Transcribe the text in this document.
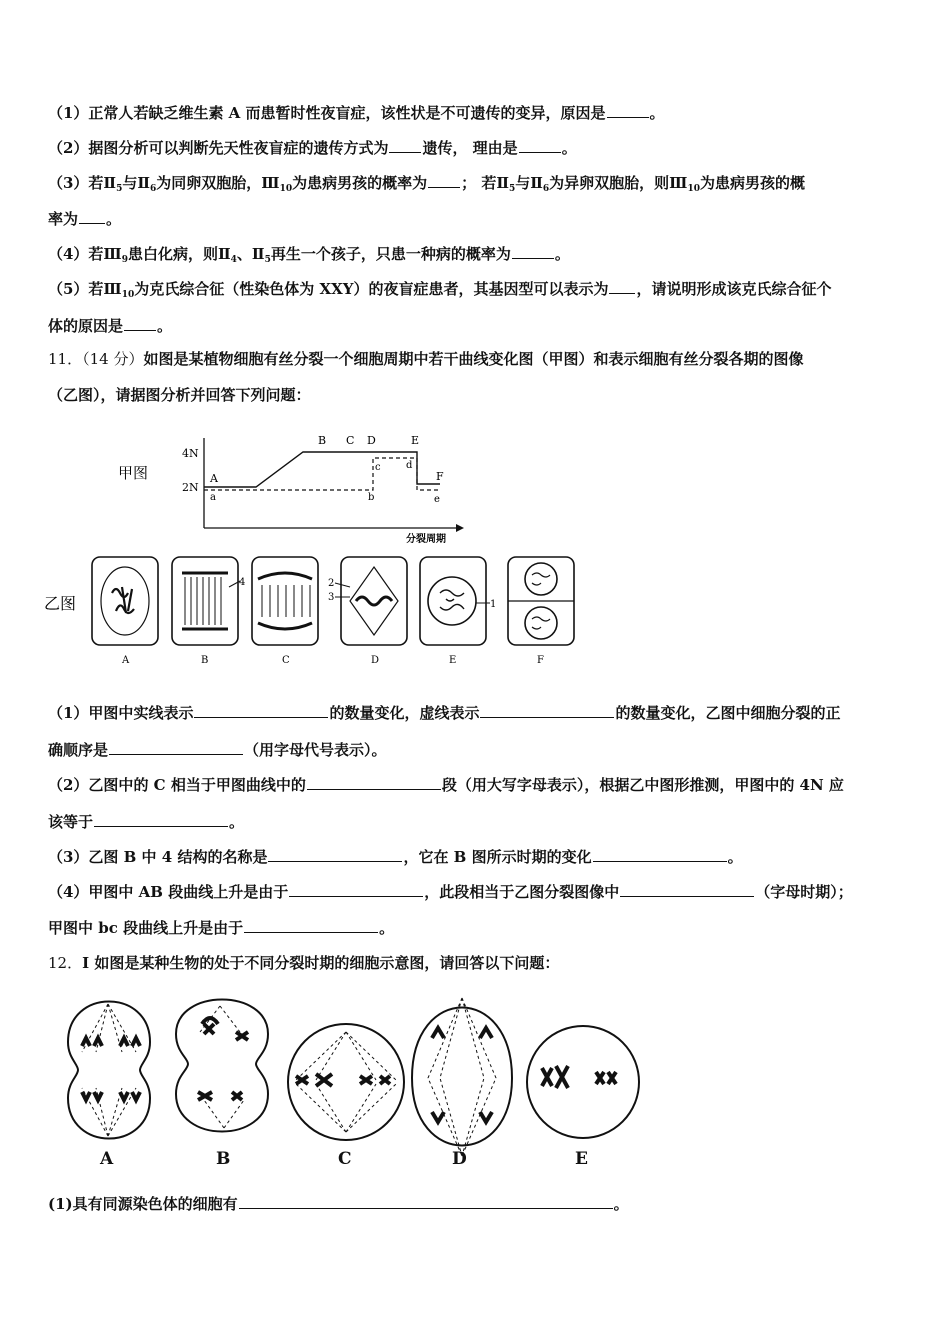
（1）正常人若缺乏维生素 A 而患暂时性夜盲症，该性状是不可遗传的变异，原因是	。
（2）据图分析可以判断先天性夜盲症的遗传方式为 遗传， 理由是	。
（3）若$Ⅱ_5$与$Ⅱ_6$为同卵双胞胎，$Ⅲ_{10}$为患病男孩的概率为 ； 若$Ⅱ_5$与$Ⅱ_6$为异卵双胞胎，则$Ⅲ_{10}$为患病男孩的概
率为 。
（4）若$Ⅲ_9$患白化病，则$Ⅱ_4$、$Ⅱ_5$再生一个孩子，只患一种病的概率为	。
（5）若$Ⅲ_{10}$为克氏综合征（性染色体为 XXY）的夜盲症患者，其基因型可以表示为 ，请说明形成该克氏综合征个
体的原因是 。
11．（14 分）如图是某植物细胞有丝分裂一个细胞周期中若干曲线变化图（甲图）和表示细胞有丝分裂各期的图像
（乙图），请据图分析并回答下列问题：
甲图
4N
2N
A
B C D	E
F
a	b
c	d
e
分裂周期
乙图
4	2
3
1
A	B	C	D	E	F
（1）甲图中实线表示	的数量变化，虚线表示	的数量变化，乙图中细胞分裂的正
确顺序是	（用字母代号表示）。
（2）乙图中的 C 相当于甲图曲线中的	段（用大写字母表示），根据乙中图形推测，甲图中的 4N 应
该等于	。
（3）乙图 B 中 4 结构的名称是	，它在 B 图所示时期的变化	。
（4）甲图中 AB 段曲线上升是由于	，此段相当于乙图分裂图像中	（字母时期）；
甲图中 bc 段曲线上升是由于	。
12．I 如图是某种生物的处于不同分裂时期的细胞示意图，请回答以下问题：
A	B	C	D	E
(1)具有同源染色体的细胞有	。
